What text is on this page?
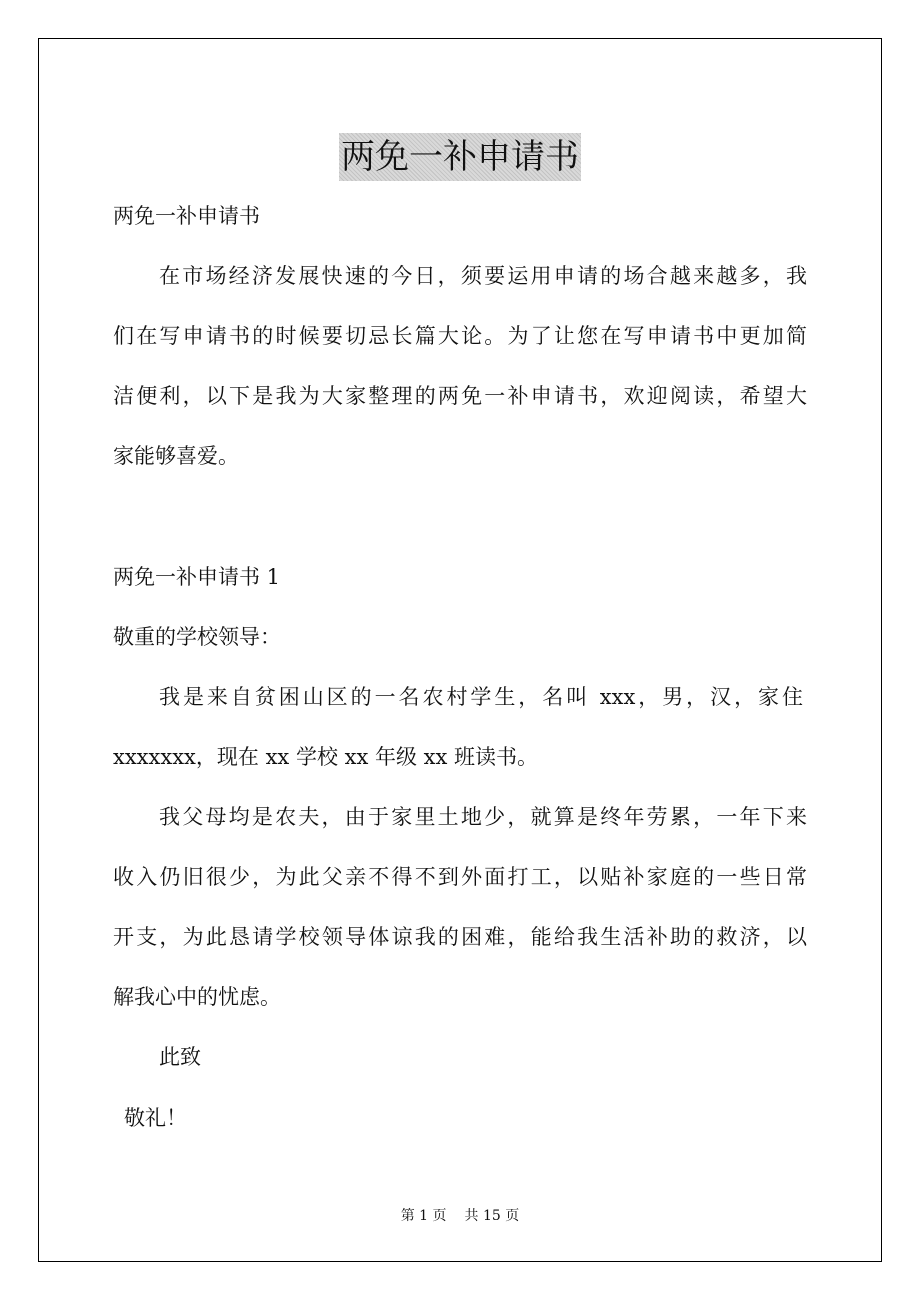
两免一补申请书
两免一补申请书
在市场经济发展快速的今日，须要运用申请的场合越来越多，我
们在写申请书的时候要切忌长篇大论。为了让您在写申请书中更加简
洁便利，以下是我为大家整理的两免一补申请书，欢迎阅读，希望大
家能够喜爱。
两免一补申请书 1
敬重的学校领导：
我是来自贫困山区的一名农村学生，名叫 xxx，男，汉，家住
xxxxxxx，现在 xx 学校 xx 年级 xx 班读书。
我父母均是农夫，由于家里土地少，就算是终年劳累，一年下来
收入仍旧很少，为此父亲不得不到外面打工，以贴补家庭的一些日常
开支，为此恳请学校领导体谅我的困难，能给我生活补助的救济，以
解我心中的忧虑。
此致
敬礼！
第 1 页 共 15 页
